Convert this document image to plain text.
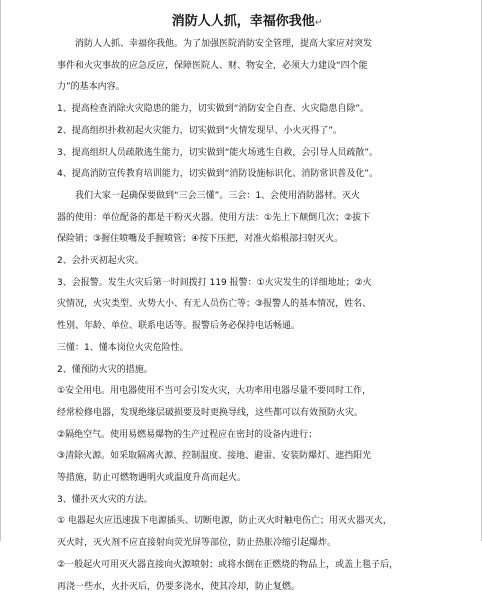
消防人人抓，幸福你我他↵
消防人人抓、幸福你我他。为了加强医院消防安全管理，提高大家应对突发
事件和火灾事故的应急反应，保障医院人、财、物安全，必须大力建设“四个能
力”的基本内容。
1、提高检查消除火灾隐患的能力，切实做到“消防安全自查、火灾隐患自除”。
2、提高组织扑救初起火灾能力，切实做到“火情发现早、小火灭得了”。
3、提高组织人员疏散逃生能力，切实做到“能火场逃生自救，会引导人员疏散”。
4、提高消防宣传教育培训能力，切实做到“消防设施标识化、消防常识普及化”。
我们大家一起确保要做到“三会三懂”。三会：1、会使用消防器材。灭火
器的使用：单位配备的都是干粉灭火器。使用方法：①先上下颠倒几次；②拔下
保险销；③握住喷嘴及手握喷管；④按下压把，对准火焰根部扫射灭火。
2、会扑灭初起火灾。
3、会报警。发生火灾后第一时间拨打 119 报警：①火灾发生的详细地址；②火
灾情况，火灾类型、火势大小、有无人员伤亡等；③报警人的基本情况，姓名、
性别、年龄、单位、联系电话等。报警后务必保持电话畅通。
三懂：1、懂本岗位火灾危险性。
2、懂预防火灾的措施。
①安全用电。用电器使用不当可会引发火灾，大功率用电器尽量不要同时工作，
经常检修电器，发现绝缘层破损要及时更换导线，这些都可以有效预防火灾。
②隔绝空气。使用易燃易爆物的生产过程应在密封的设备内进行；
③清除火源。如采取隔离火源、控制温度、接地、避雷、安装防爆灯、遮挡阳光
等措施，防止可燃物遇明火或温度升高而起火。
3、懂扑灭火灾的方法。
① 电器起火应迅速拔下电源插头、切断电源，防止灭火时触电伤亡；用灭火器灭火，
灭火时，灭火剂不应直接射向荧光屏等部位，防止热胀冷缩引起爆炸。
②一般起火可用灭火器直接向火源喷射；或将水倒在正燃烧的物品上，或盖上毯子后，
再浇一些水，火扑灭后，仍要多浇水，使其冷却，防止复燃。
